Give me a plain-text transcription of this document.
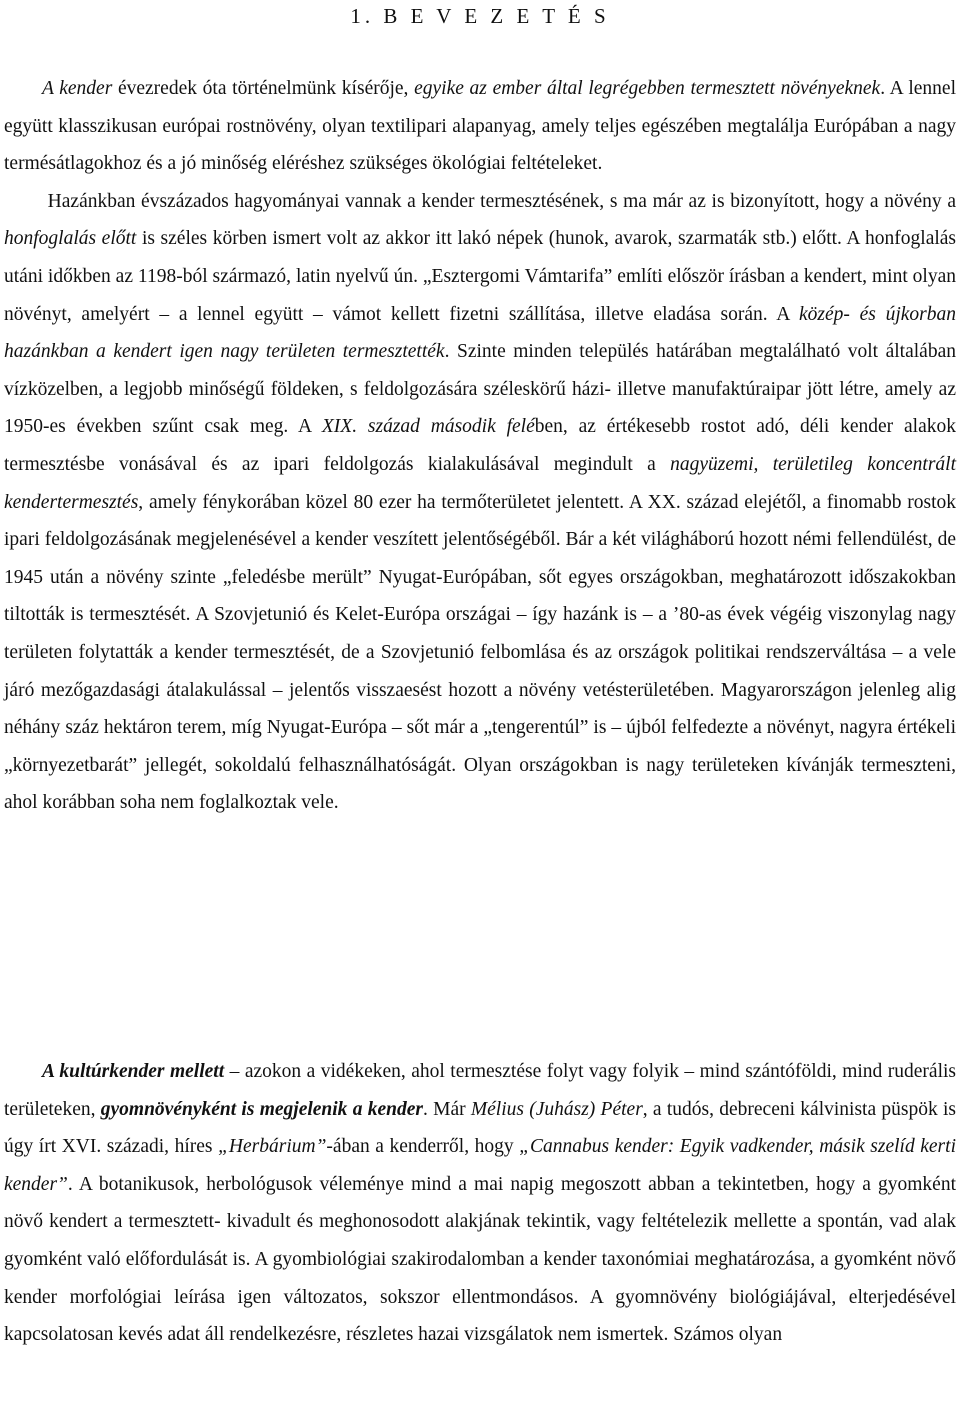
1. B E V E Z E T É S

A kender évezredek óta történelmünk kísérője, egyike az ember által legrégebben termesztett növényeknek. A lennel együtt klasszikusan európai rostnövény, olyan textilipari alapanyag, amely teljes egészében megtalálja Európában a nagy termésátlagokhoz és a jó minőség eléréshez szükséges ökológiai feltételeket.
Hazánkban évszázados hagyományai vannak a kender termesztésének, s ma már az is bizonyított, hogy a növény a honfoglalás előtt is széles körben ismert volt az akkor itt lakó népek (hunok, avarok, szarmaták stb.) előtt. A honfoglalás utáni időkben az 1198-ból származó, latin nyelvű ún. „Esztergomi Vámtarifa” említi először írásban a kendert, mint olyan növényt, amelyért – a lennel együtt – vámot kellett fizetni szállítása, illetve eladása során. A közép- és újkorban hazánkban a kendert igen nagy területen termesztették. Szinte minden település határában megtalálható volt általában vízközelben, a legjobb minőségű földeken, s feldolgozására széleskörű házi- illetve manufaktúraipar jött létre, amely az 1950-es években szűnt csak meg. A XIX. század második felében, az értékesebb rostot adó, déli kender alakok termesztésbe vonásával és az ipari feldolgozás kialakulásával megindult a nagyüzemi, területileg koncentrált kendertermesztés, amely fénykorában közel 80 ezer ha termőterületet jelentett. A XX. század elejétől, a finomabb rostok ipari feldolgozásának megjelenésével a kender veszített jelentőségéből. Bár a két világháború hozott némi fellendülést, de 1945 után a növény szinte „feledésbe merült” Nyugat-Európában, sőt egyes országokban, meghatározott időszakokban tiltották is termesztését. A Szovjetunió és Kelet-Európa országai – így hazánk is – a ’80-as évek végéig viszonylag nagy területen folytatták a kender termesztését, de a Szovjetunió felbomlása és az országok politikai rendszerváltása – a vele járó mezőgazdasági átalakulással – jelentős visszaesést hozott a növény vetésterületében. Magyarországon jelenleg alig néhány száz hektáron terem, míg Nyugat-Európa – sőt már a „tengerentúl” is – újból felfedezte a növényt, nagyra értékeli „környezetbarát” jellegét, sokoldalú felhasználhatóságát. Olyan országokban is nagy területeken kívánják termeszteni, ahol korábban soha nem foglalkoztak vele.

A kultúrkender mellett – azokon a vidékeken, ahol termesztése folyt vagy folyik – mind szántóföldi, mind ruderális területeken, gyomnövényként is megjelenik a kender. Már Mélius (Juhász) Péter, a tudós, debreceni kálvinista püspök is úgy írt XVI. századi, híres „Herbárium”-ában a kenderről, hogy „Cannabus kender: Egyik vadkender, másik szelíd kerti kender”. A botanikusok, herbológusok véleménye mind a mai napig megoszott abban a tekintetben, hogy a gyomként növő kendert a termesztett- kivadult és meghonosodott alakjának tekintik, vagy feltételezik mellette a spontán, vad alak gyomként való előfordulását is. A gyombiológiai szakirodalomban a kender taxonómiai meghatározása, a gyomként növő kender morfológiai leírása igen változatos, sokszor ellentmondásos. A gyomnövény biológiájával, elterjedésével kapcsolatosan kevés adat áll rendelkezésre, részletes hazai vizsgálatok nem ismertek. Számos olyan
